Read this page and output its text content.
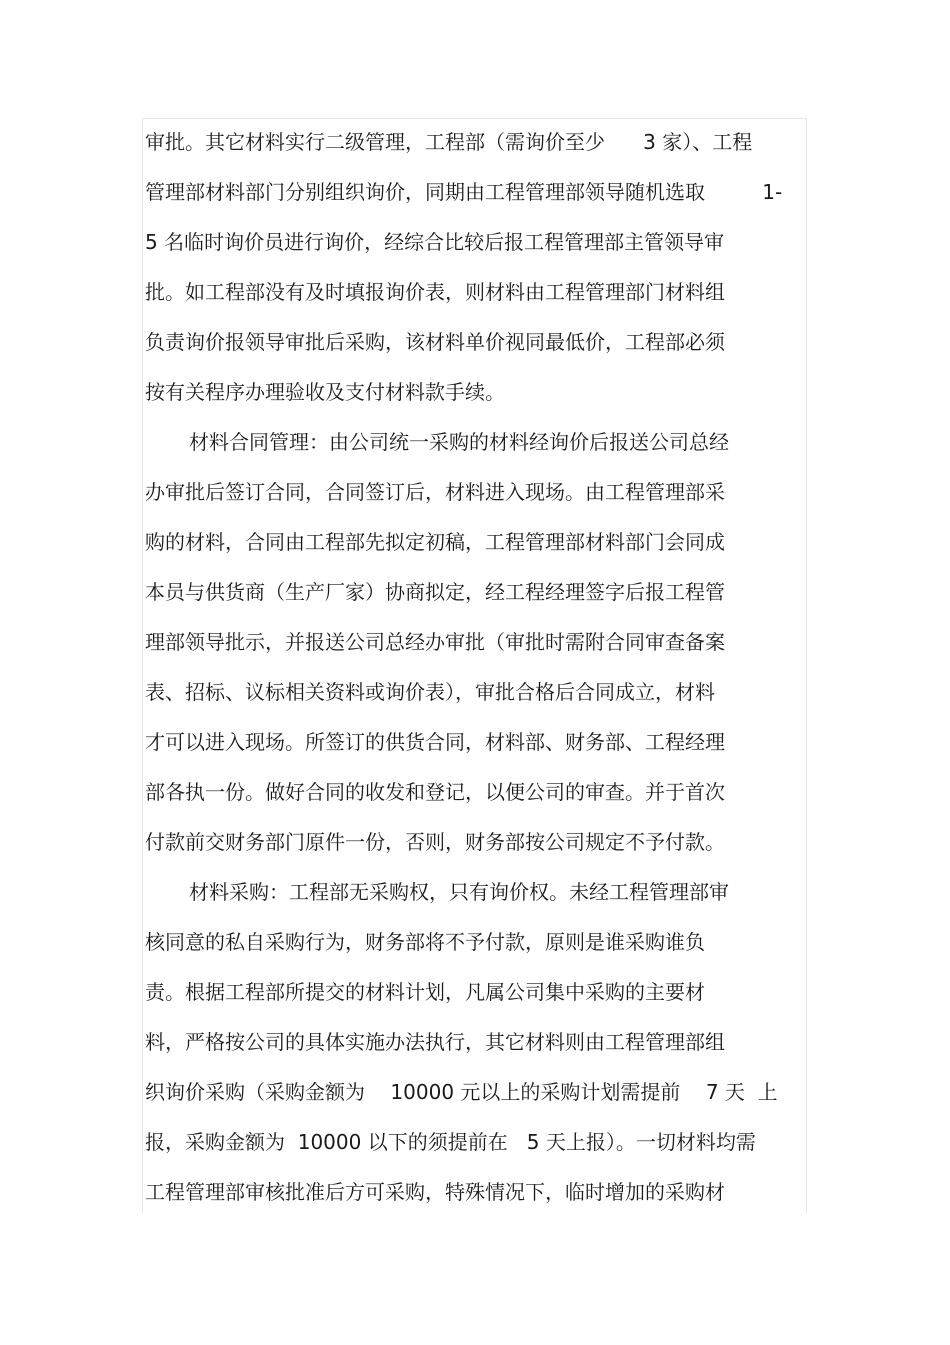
审批。其它材料实行二级管理，工程部（需询价至少      3 家）、工程
管理部材料部门分别组织询价，同期由工程管理部领导随机选取         1-
5 名临时询价员进行询价，经综合比较后报工程管理部主管领导审
批。如工程部没有及时填报询价表，则材料由工程管理部门材料组
负责询价报领导审批后采购，该材料单价视同最低价，工程部必须
按有关程序办理验收及支付材料款手续。
材料合同管理：由公司统一采购的材料经询价后报送公司总经
办审批后签订合同，合同签订后，材料进入现场。由工程管理部采
购的材料，合同由工程部先拟定初稿，工程管理部材料部门会同成
本员与供货商（生产厂家）协商拟定，经工程经理签字后报工程管
理部领导批示，并报送公司总经办审批（审批时需附合同审查备案
表、招标、议标相关资料或询价表），审批合格后合同成立，材料
才可以进入现场。所签订的供货合同，材料部、财务部、工程经理
部各执一份。做好合同的收发和登记，以便公司的审查。并于首次
付款前交财务部门原件一份，否则，财务部按公司规定不予付款。
材料采购：工程部无采购权，只有询价权。未经工程管理部审
核同意的私自采购行为，财务部将不予付款，原则是谁采购谁负
责。根据工程部所提交的材料计划，凡属公司集中采购的主要材
料，严格按公司的具体实施办法执行，其它材料则由工程管理部组
织询价采购（采购金额为    10000 元以上的采购计划需提前    7 天  上
报，采购金额为  10000 以下的须提前在   5 天上报）。一切材料均需
工程管理部审核批准后方可采购，特殊情况下，临时增加的采购材
